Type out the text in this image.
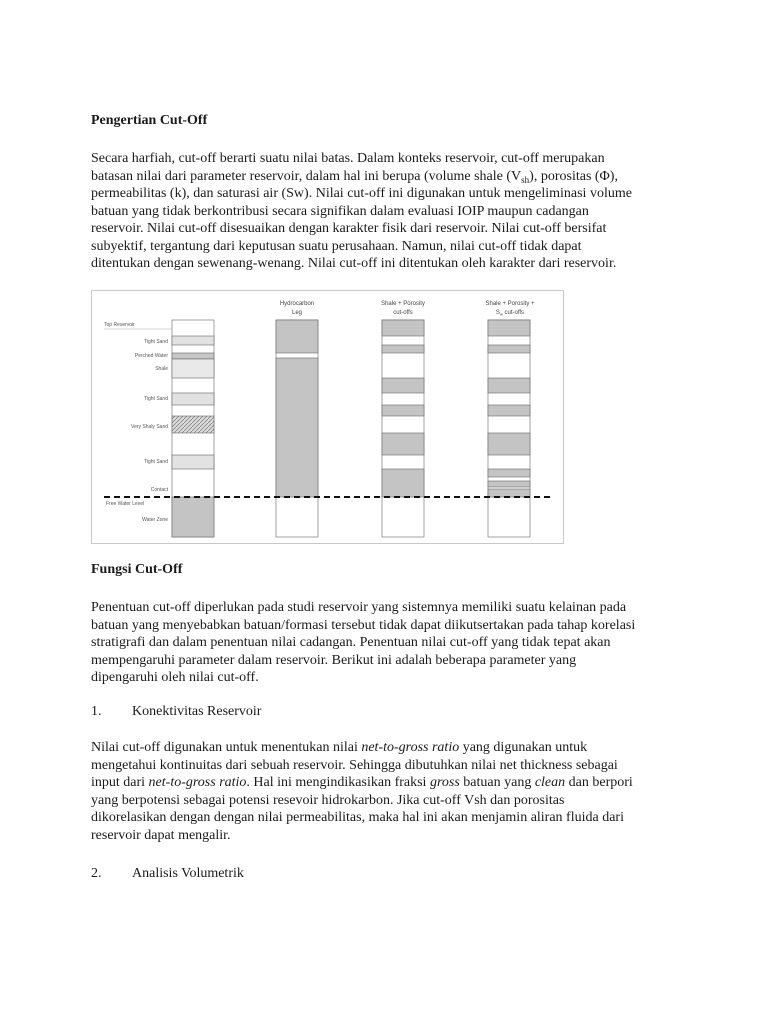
Pengertian Cut-Off

Secara harfiah, cut-off berarti suatu nilai batas. Dalam konteks reservoir, cut-off merupakan
batasan nilai dari parameter reservoir, dalam hal ini berupa (volume shale $(V_{sh})$, porositas (Φ),
permeabilitas (k), dan saturasi air (Sw). Nilai cut-off ini digunakan untuk mengeliminasi volume
batuan yang tidak berkontribusi secara signifikan dalam evaluasi IOIP maupun cadangan
reservoir. Nilai cut-off disesuaikan dengan karakter fisik dari reservoir. Nilai cut-off bersifat
subyektif, tergantung dari keputusan suatu perusahaan. Namun, nilai cut-off tidak dapat
ditentukan dengan sewenang-wenang. Nilai cut-off ini ditentukan oleh karakter dari reservoir.

Hydrocarbon
Leg
Shale + Porosity
cut-offs
Shale + Porosity +
$S_w$ cut-offs
Top Reservoir
Tight Sand
Perched Water
Shale
Tight Sand
Very Shaly Sand
Tight Sand
Contact
Free Water Level
Water Zone
Fungsi Cut-Off

Penentuan cut-off diperlukan pada studi reservoir yang sistemnya memiliki suatu kelainan pada
batuan yang menyebabkan batuan/formasi tersebut tidak dapat diikutsertakan pada tahap korelasi
stratigrafi dan dalam penentuan nilai cadangan. Penentuan nilai cut-off yang tidak tepat akan
mempengaruhi parameter dalam reservoir. Berikut ini adalah beberapa parameter yang
dipengaruhi oleh nilai cut-off.

1. Konektivitas Reservoir

Nilai cut-off digunakan untuk menentukan nilai net-to-gross ratio yang digunakan untuk
mengetahui kontinuitas dari sebuah reservoir. Sehingga dibutuhkan nilai net thickness sebagai
input dari net-to-gross ratio. Hal ini mengindikasikan fraksi gross batuan yang clean dan berpori
yang berpotensi sebagai potensi resevoir hidrokarbon. Jika cut-off Vsh dan porositas
dikorelasikan dengan dengan nilai permeabilitas, maka hal ini akan menjamin aliran fluida dari
reservoir dapat mengalir.

2. Analisis Volumetrik
